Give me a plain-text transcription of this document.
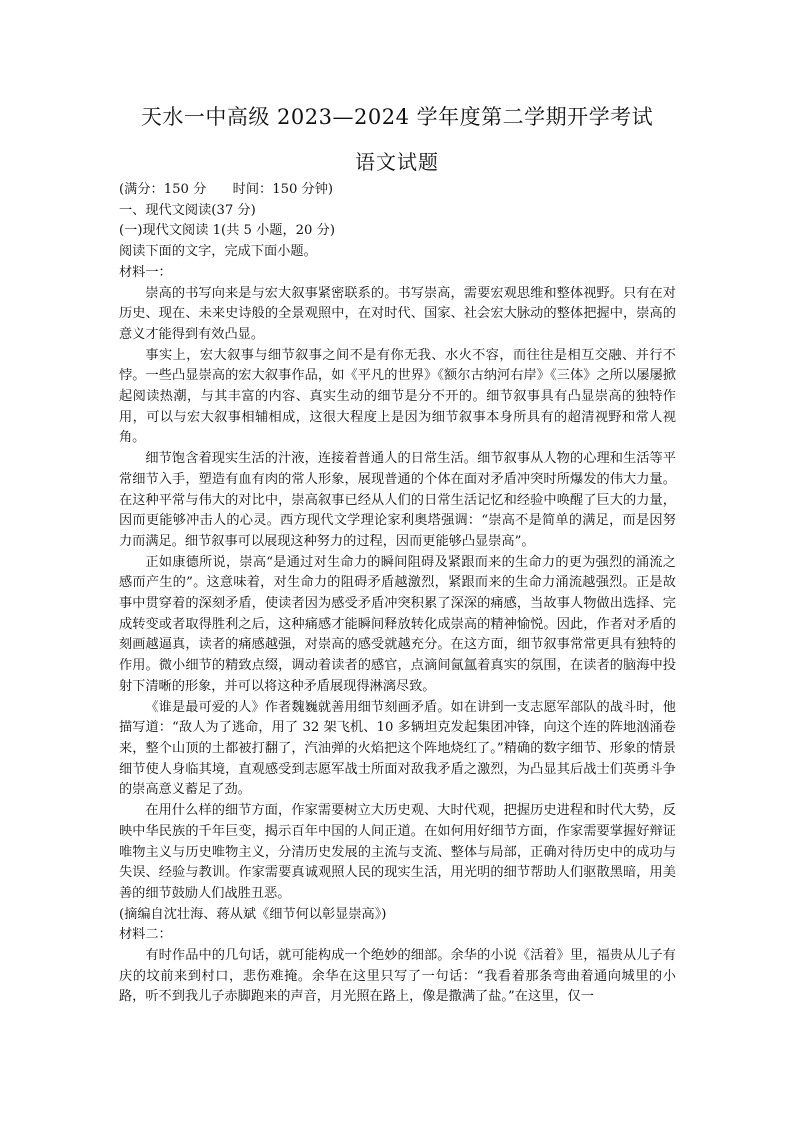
天水一中高级 2023—2024 学年度第二学期开学考试
语文试题

(满分：150 分　　时间：150 分钟)

一、现代文阅读(37 分)

(一)现代文阅读 1(共 5 小题，20 分)

阅读下面的文字，完成下面小题。

材料一：

崇高的书写向来是与宏大叙事紧密联系的。书写崇高，需要宏观思维和整体视野。只有在对历史、现在、未来史诗般的全景观照中，在对时代、国家、社会宏大脉动的整体把握中，崇高的意义才能得到有效凸显。

事实上，宏大叙事与细节叙事之间不是有你无我、水火不容，而往往是相互交融、并行不悖。一些凸显崇高的宏大叙事作品，如《平凡的世界》《额尔古纳河右岸》《三体》之所以屡屡掀起阅读热潮，与其丰富的内容、真实生动的细节是分不开的。细节叙事具有凸显崇高的独特作用，可以与宏大叙事相辅相成，这很大程度上是因为细节叙事本身所具有的超清视野和常人视角。

细节饱含着现实生活的汁液，连接着普通人的日常生活。细节叙事从人物的心理和生活等平常细节入手，塑造有血有肉的常人形象，展现普通的个体在面对矛盾冲突时所爆发的伟大力量。在这种平常与伟大的对比中，崇高叙事已经从人们的日常生活记忆和经验中唤醒了巨大的力量，因而更能够冲击人的心灵。西方现代文学理论家利奥塔强调：“崇高不是简单的满足，而是因努力而满足。细节叙事可以展现这种努力的过程，因而更能够凸显崇高”。

正如康德所说，崇高“是通过对生命力的瞬间阻碍及紧跟而来的生命力的更为强烈的涌流之感而产生的”。这意味着，对生命力的阻碍矛盾越激烈，紧跟而来的生命力涌流越强烈。正是故事中贯穿着的深刻矛盾，使读者因为感受矛盾冲突积累了深深的痛感，当故事人物做出选择、完成转变或者取得胜利之后，这种痛感才能瞬间释放转化成崇高的精神愉悦。因此，作者对矛盾的刻画越逼真，读者的痛感越强，对崇高的感受就越充分。在这方面，细节叙事常常更具有独特的作用。微小细节的精致点缀，调动着读者的感官，点滴间氤氲着真实的氛围，在读者的脑海中投射下清晰的形象，并可以将这种矛盾展现得淋漓尽致。

《谁是最可爱的人》作者魏巍就善用细节刻画矛盾。如在讲到一支志愿军部队的战斗时，他描写道：“敌人为了逃命，用了 32 架飞机、10 多辆坦克发起集团冲锋，向这个连的阵地汹涌卷来，整个山顶的土都被打翻了，汽油弹的火焰把这个阵地烧红了。”精确的数字细节、形象的情景细节使人身临其境，直观感受到志愿军战士所面对敌我矛盾之激烈，为凸显其后战士们英勇斗争的崇高意义蓄足了劲。

在用什么样的细节方面，作家需要树立大历史观、大时代观，把握历史进程和时代大势，反映中华民族的千年巨变，揭示百年中国的人间正道。在如何用好细节方面，作家需要掌握好辩证唯物主义与历史唯物主义，分清历史发展的主流与支流、整体与局部，正确对待历史中的成功与失误、经验与教训。作家需要真诚观照人民的现实生活，用光明的细节帮助人们驱散黑暗，用美善的细节鼓励人们战胜丑恶。

(摘编自沈壮海、蒋从斌《细节何以彰显崇高》)

材料二：

有时作品中的几句话，就可能构成一个绝妙的细部。余华的小说《活着》里，福贵从儿子有庆的坟前来到村口，悲伤难掩。余华在这里只写了一句话：“我看着那条弯曲着通向城里的小路，听不到我儿子赤脚跑来的声音，月光照在路上，像是撒满了盐。”在这里，仅一
